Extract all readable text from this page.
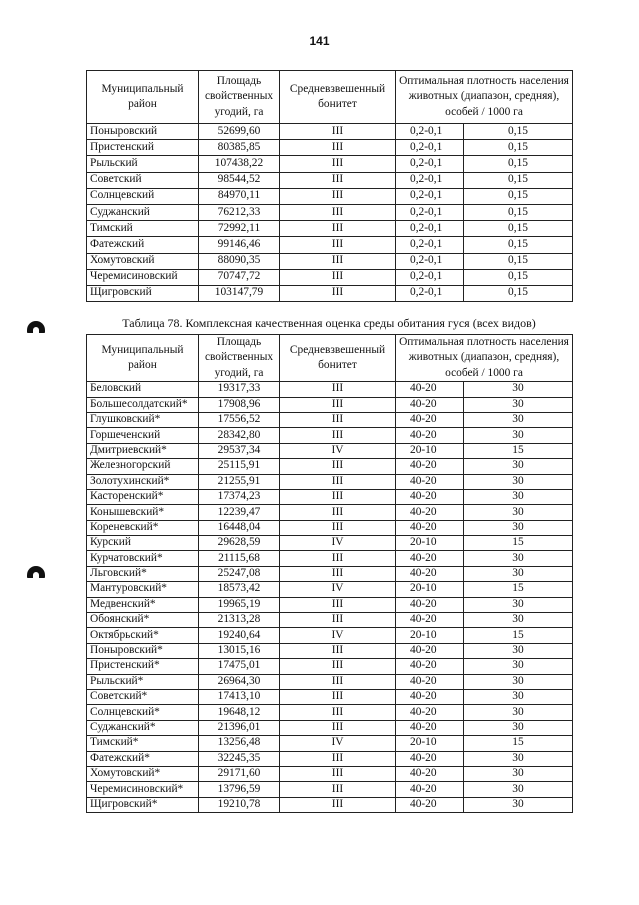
141
Муниципальный район	Площадь свойственных угодий, га	Средневзвешенный бонитет	Оптимальная плотность населения животных (диапазон, средняя), особей / 1000 га	
Поныровский	52699,60	III	0,2-0,1	0,15
Пристенский	80385,85	III	0,2-0,1	0,15
Рыльский	107438,22	III	0,2-0,1	0,15
Советский	98544,52	III	0,2-0,1	0,15
Солнцевский	84970,11	III	0,2-0,1	0,15
Суджанский	76212,33	III	0,2-0,1	0,15
Тимский	72992,11	III	0,2-0,1	0,15
Фатежский	99146,46	III	0,2-0,1	0,15
Хомутовский	88090,35	III	0,2-0,1	0,15
Черемисиновский	70747,72	III	0,2-0,1	0,15
Щигровский	103147,79	III	0,2-0,1	0,15
Таблица 78. Комплексная качественная оценка среды обитания гуся (всех видов)
Муниципальный район	Площадь свойственных угодий, га	Средневзвешенный бонитет	Оптимальная плотность населения животных (диапазон, средняя), особей / 1000 га	
Беловский	19317,33	III	40-20	30
Большесолдатский*	17908,96	III	40-20	30
Глушковский*	17556,52	III	40-20	30
Горшеченский	28342,80	III	40-20	30
Дмитриевский*	29537,34	IV	20-10	15
Железногорский	25115,91	III	40-20	30
Золотухинский*	21255,91	III	40-20	30
Касторенский*	17374,23	III	40-20	30
Конышевский*	12239,47	III	40-20	30
Кореневский*	16448,04	III	40-20	30
Курский	29628,59	IV	20-10	15
Курчатовский*	21115,68	III	40-20	30
Льговский*	25247,08	III	40-20	30
Мантуровский*	18573,42	IV	20-10	15
Медвенский*	19965,19	III	40-20	30
Обоянский*	21313,28	III	40-20	30
Октябрьский*	19240,64	IV	20-10	15
Поныровский*	13015,16	III	40-20	30
Пристенский*	17475,01	III	40-20	30
Рыльский*	26964,30	III	40-20	30
Советский*	17413,10	III	40-20	30
Солнцевский*	19648,12	III	40-20	30
Суджанский*	21396,01	III	40-20	30
Тимский*	13256,48	IV	20-10	15
Фатежский*	32245,35	III	40-20	30
Хомутовский*	29171,60	III	40-20	30
Черемисиновский*	13796,59	III	40-20	30
Щигровский*	19210,78	III	40-20	30
